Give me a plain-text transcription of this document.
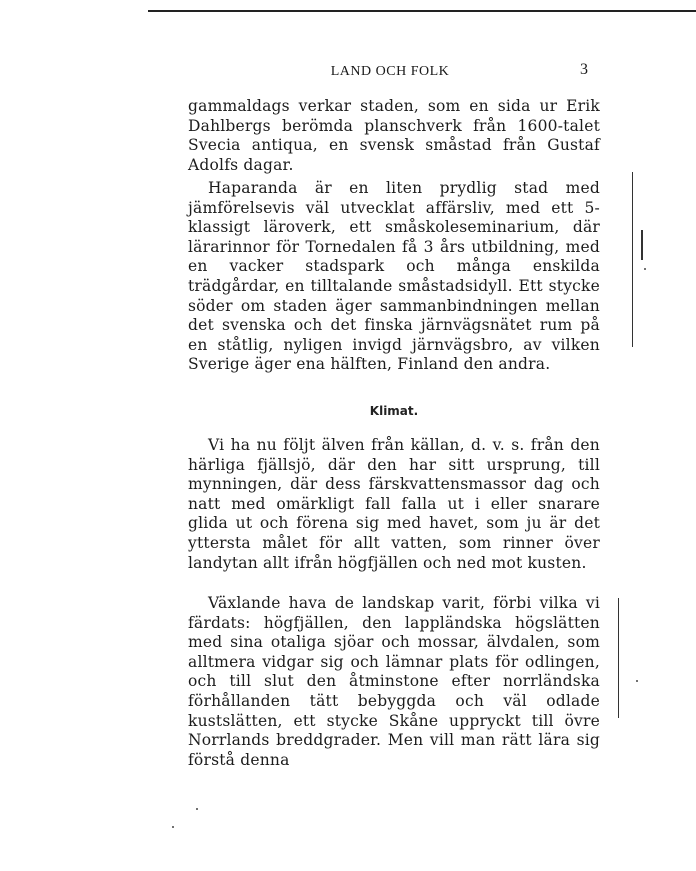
LAND OCH FOLK	3

gammaldags verkar staden, som en sida ur Erik Dahlbergs berömda planschverk från 1600-talet Svecia antiqua, en svensk småstad från Gustaf Adolfs dagar.

Haparanda är en liten prydlig stad med jämförelsevis väl utvecklat affärsliv, med ett 5-klassigt läroverk, ett småskoleseminarium, där lärarinnor för Tornedalen få 3 års utbildning, med en vacker stadspark och många enskilda trädgårdar, en tilltalande småstadsidyll. Ett stycke söder om staden äger sammanbindningen mellan det svenska och det finska järnvägsnätet rum på en ståtlig, nyligen invigd järnvägsbro, av vilken Sverige äger ena hälften, Finland den andra.

Klimat.

Vi ha nu följt älven från källan, d. v. s. från den härliga fjällsjö, där den har sitt ursprung, till mynningen, där dess färskvattensmassor dag och natt med omärkligt fall falla ut i eller snarare glida ut och förena sig med havet, som ju är det yttersta målet för allt vatten, som rinner över landytan allt ifrån högfjällen och ned mot kusten.

Växlande hava de landskap varit, förbi vilka vi färdats: högfjällen, den lappländska högslätten med sina otaliga sjöar och mossar, älvdalen, som alltmera vidgar sig och lämnar plats för odlingen, och till slut den åtminstone efter norrländska förhållanden tätt bebyggda och väl odlade kustslätten, ett stycke Skåne uppryckt till övre Norrlands breddgrader. Men vill man rätt lära sig förstå denna
